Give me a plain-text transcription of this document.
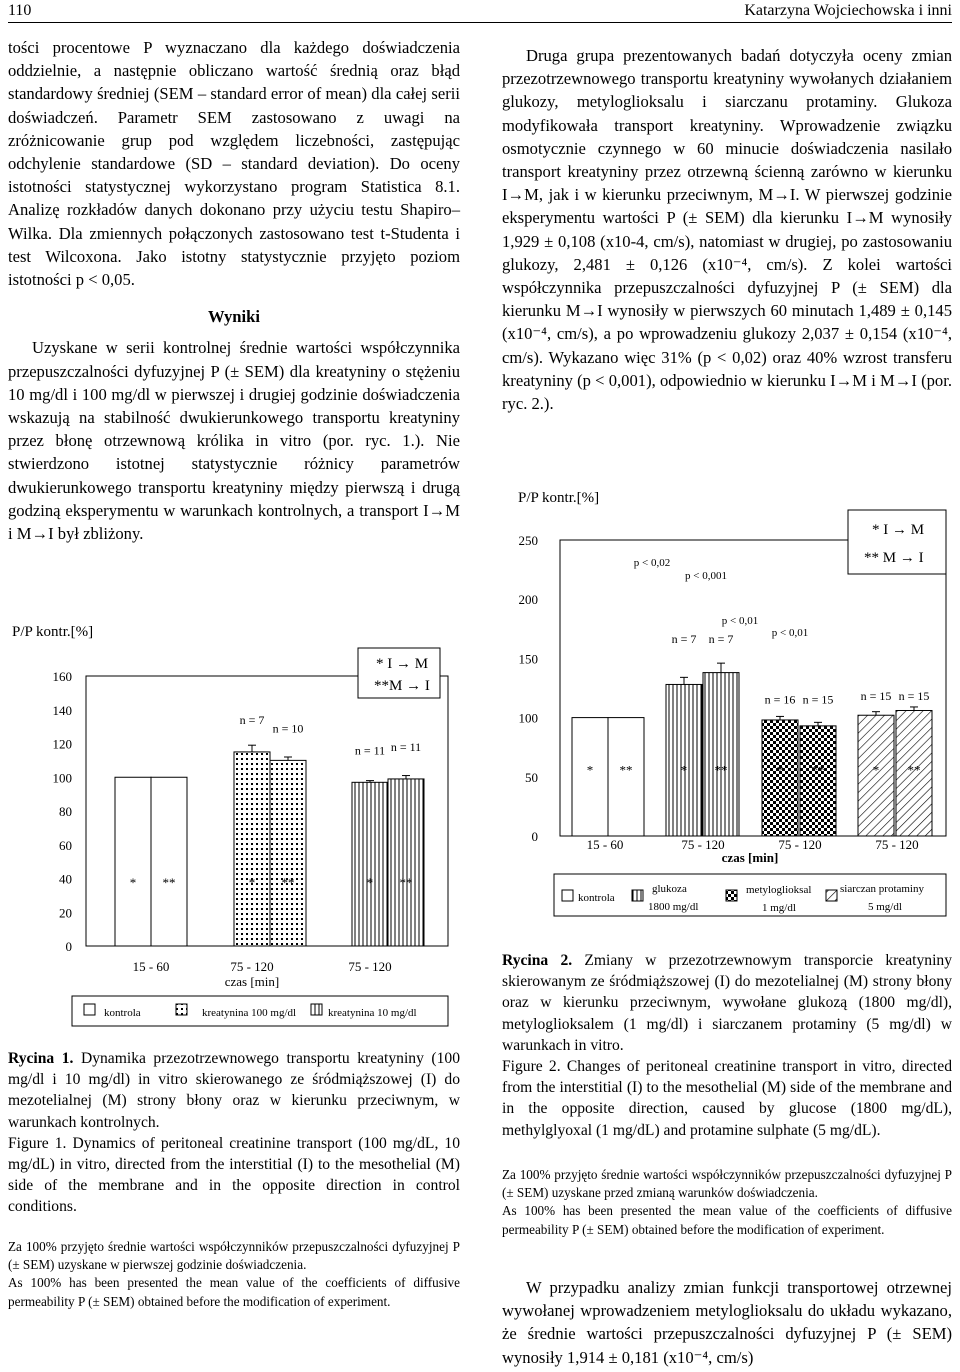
110	Katarzyna Wojciechowska i inni

tości procentowe P wyznaczano dla każdego doświadczenia oddzielnie, a następnie obliczano wartość średnią oraz błąd standardowy średniej (SEM – standard error of mean) dla całej serii doświadczeń. Parametr SEM zastosowano z uwagi na zróżnicowanie grup pod względem liczebności, zastępując odchylenie standardowe (SD – standard deviation). Do oceny istotności statystycznej wykorzystano program Statistica 8.1. Analizę rozkładów danych dokonano przy użyciu testu Shapiro–Wilka. Dla zmiennych połączonych zastosowano test t-Studenta i test Wilcoxona. Jako istotny statystycznie przyjęto poziom istotności p < 0,05.

Wyniki

Uzyskane w serii kontrolnej średnie wartości współczynnika przepuszczalności dyfuzyjnej P (± SEM) dla kreatyniny o stężeniu 10 mg/dl i 100 mg/dl w pierwszej i drugiej godzinie doświadczenia wskazują na stabilność dwukierunkowego transportu kreatyniny przez błonę otrzewnową królika in vitro (por. ryc. 1.). Nie stwierdzono istotnej statystycznie różnicy parametrów dwukierunkowego transportu kreatyniny między pierwszą i drugą godziną eksperymentu w warunkach kontrolnych, a transport I→M i M→I był zbliżony.

Druga grupa prezentowanych badań dotyczyła oceny zmian przezotrzewnowego transportu kreatyniny wywołanych działaniem glukozy, metyloglioksalu i siarczanu protaminy. Glukoza modyfikowała transport kreatyniny. Wprowadzenie związku osmotycznie czynnego w 60 minucie doświadczenia nasilało transport kreatyniny przez otrzewną ścienną zarówno w kierunku I→M, jak i w kierunku przeciwnym, M→I. W pierwszej godzinie eksperymentu wartości P (± SEM) dla kierunku I→M wynosiły 1,929 ± 0,108 (x10-4, cm/s), natomiast w drugiej, po zastosowaniu glukozy, 2,481 ± 0,126 (x10⁻⁴, cm/s). Z kolei wartości współczynnika przepuszczalności dyfuzyjnej P (± SEM) dla kierunku M→I wynosiły w pierwszych 60 minutach 1,489 ± 0,145 (x10⁻⁴, cm/s), a po wprowadzeniu glukozy 2,037 ± 0,154 (x10⁻⁴, cm/s). Wykazano więc 31% (p < 0,02) oraz 40% wzrost transferu kreatyniny (p < 0,001), odpowiednio w kierunku I→M i M→I (por. ryc. 2.).

0
20
40
60
80
100
120
140
160
P/P kontr.[%]
* **	* **	* **
n = 7
n = 10
n = 11 n = 11
* I → M
**M → I
15 - 60	75 - 120	75 - 120
czas [min]
kontrola	kreatynina 100 mg/dl	kreatynina 10 mg/dl
0
50
100
150
200
250
P/P kontr.[%]
* **	* **	* **	* **
n = 7 n = 7
n = 16 n = 15 n = 15 n = 15
p < 0,02
p < 0,001
p < 0,01
p < 0,01
* I → M
** M → I
15 - 60	75 - 120	75 - 120	75 - 120
czas [min]
kontrola
glukoza 1800 mg/dl
metyloglioksal 1 mg/dl
siarczan protaminy 5 mg/dl

Rycina 1. Dynamika przezotrzewnowego transportu kreatyniny (100 mg/dl i 10 mg/dl) in vitro skierowanego ze śródmiąższowej (I) do mezotelialnej (M) strony błony oraz w kierunku przeciwnym, w warunkach kontrolnych.

Figure 1. Dynamics of peritoneal creatinine transport (100 mg/dL, 10 mg/dL) in vitro, directed from the interstitial (I) to the mesothelial (M) side of the membrane and in the opposite direction in control conditions.

Za 100% przyjęto średnie wartości współczynników przepuszczalności dyfuzyjnej P (± SEM) uzyskane w pierwszej godzinie doświadczenia.

As 100% has been presented the mean value of the coefficients of diffusive permeability P (± SEM) obtained before the modification of experiment.

Rycina 2. Zmiany w przezotrzewnowym transporcie kreatyniny skierowanym ze śródmiąższowej (I) do mezotelialnej (M) strony błony oraz w kierunku przeciwnym, wywołane glukozą (1800 mg/dl), metyloglioksalem (1 mg/dl) i siarczanem protaminy (5 mg/dl) w warunkach in vitro.

Figure 2. Changes of peritoneal creatinine transport in vitro, directed from the interstitial (I) to the mesothelial (M) side of the membrane and in the opposite direction, caused by glucose (1800 mg/dL), methylglyoxal (1 mg/dL) and protamine sulphate (5 mg/dL).

Za 100% przyjęto średnie wartości współczynników przepuszczalności dyfuzyjnej P (± SEM) uzyskane przed zmianą warunków doświadczenia.

As 100% has been presented the mean value of the coefficients of diffusive permeability P (± SEM) obtained before the modification of experiment.

W przypadku analizy zmian funkcji transportowej otrzewnej wywołanej wprowadzeniem metyloglioksalu do układu wykazano, że średnie wartości przepuszczalności dyfuzyjnej P (± SEM) wynosiły 1,914 ± 0,181 (x10⁻⁴, cm/s)
